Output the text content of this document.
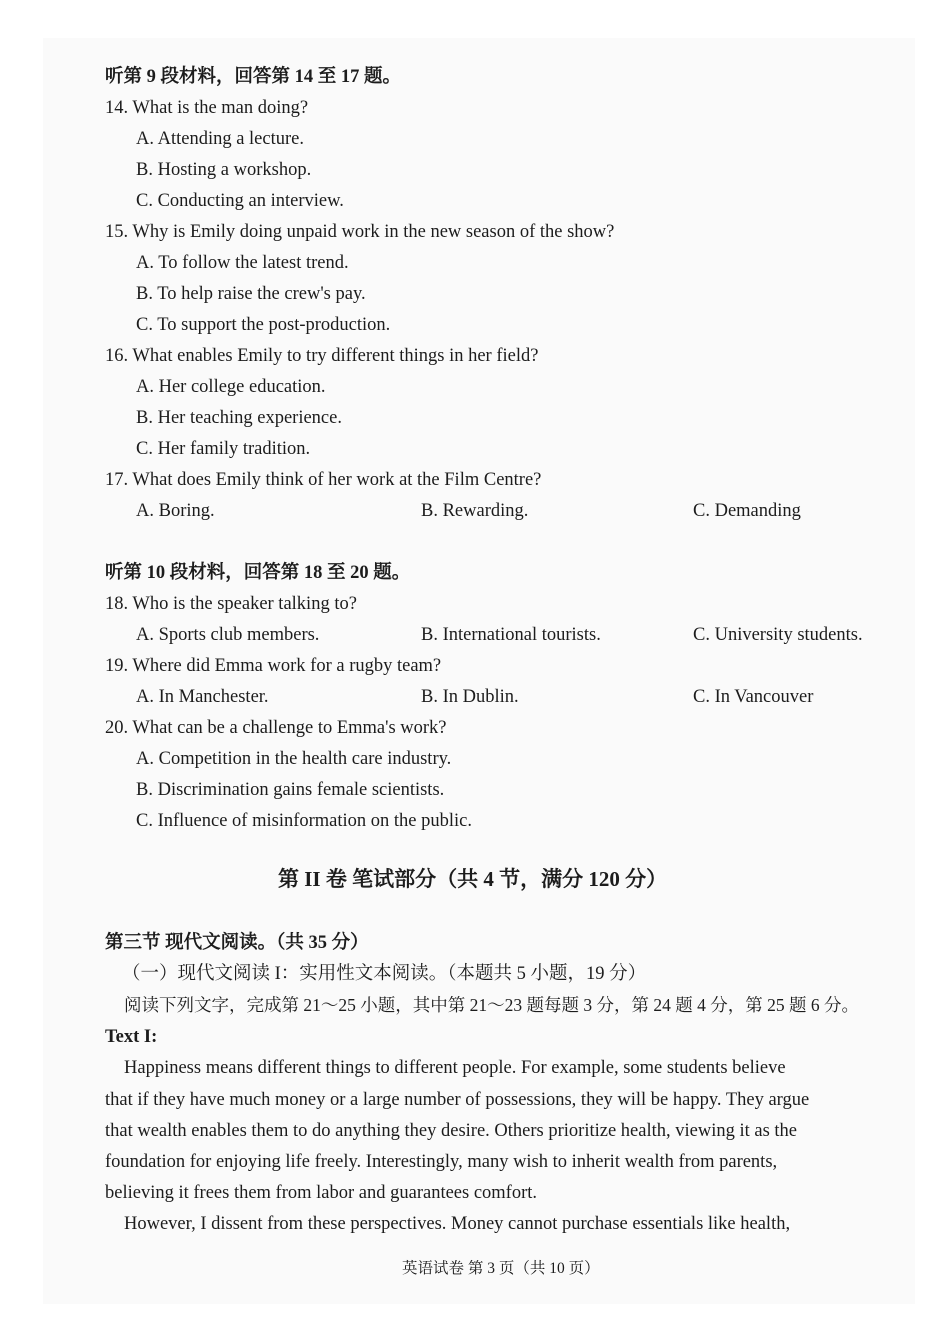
听第 9 段材料，回答第 14 至 17 题。
14. What is the man doing?
A. Attending a lecture.
B. Hosting a workshop.
C. Conducting an interview.
15. Why is Emily doing unpaid work in the new season of the show?
A. To follow the latest trend.
B. To help raise the crew's pay.
C. To support the post-production.
16. What enables Emily to try different things in her field?
A. Her college education.
B. Her teaching experience.
C. Her family tradition.
17. What does Emily think of her work at the Film Centre?
A. Boring.	B. Rewarding.	C. Demanding
听第 10 段材料，回答第 18 至 20 题。
18. Who is the speaker talking to?
A. Sports club members.	B. International tourists.	C. University students.
19. Where did Emma work for a rugby team?
A. In Manchester.	B. In Dublin.	C. In Vancouver
20. What can be a challenge to Emma's work?
A. Competition in the health care industry.
B. Discrimination gains female scientists.
C. Influence of misinformation on the public.
第 II 卷 笔试部分（共 4 节，满分 120 分）
第三节 现代文阅读。（共 35 分）
（一）现代文阅读 I：实用性文本阅读。（本题共 5 小题，19 分）
阅读下列文字，完成第 21～25 小题，其中第 21～23 题每题 3 分，第 24 题 4 分，第 25 题 6 分。
Text I:
Happiness means different things to different people. For example, some students believe
that if they have much money or a large number of possessions, they will be happy. They argue
that wealth enables them to do anything they desire. Others prioritize health, viewing it as the
foundation for enjoying life freely. Interestingly, many wish to inherit wealth from parents,
believing it frees them from labor and guarantees comfort.
However, I dissent from these perspectives. Money cannot purchase essentials like health,
英语试卷 第 3 页（共 10 页）
